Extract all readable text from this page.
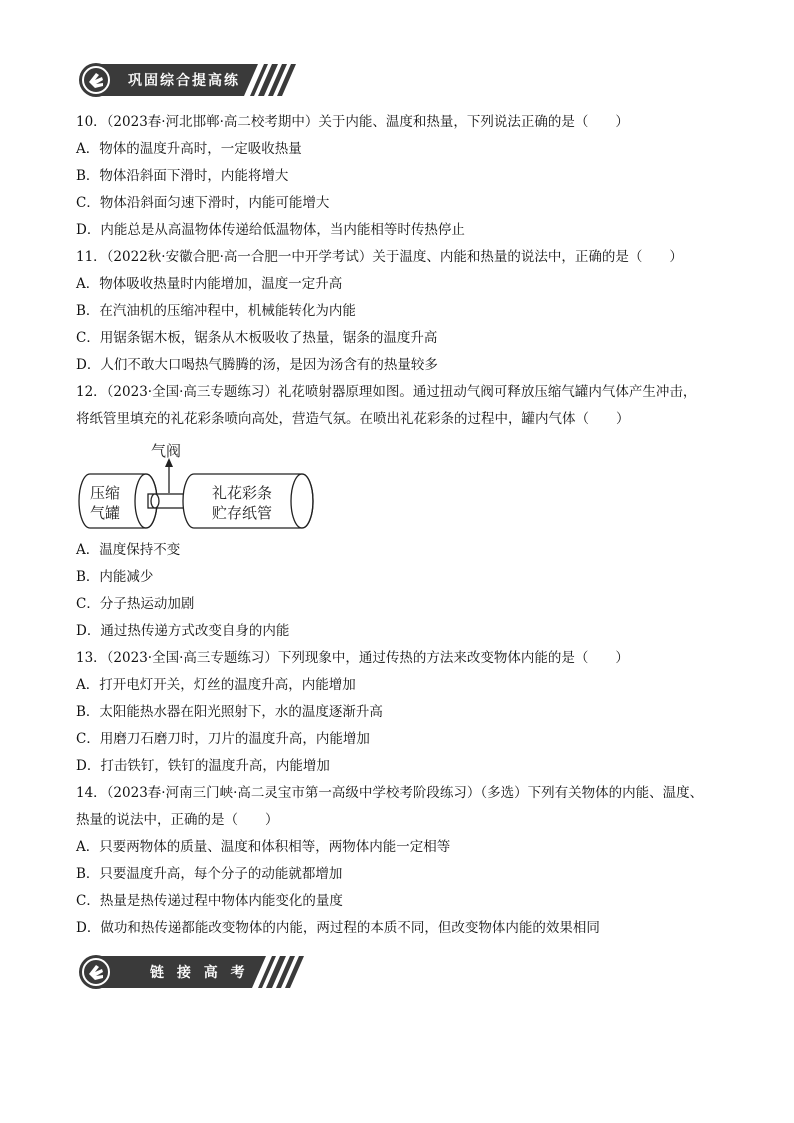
巩固综合提高练
10．（2023春·河北邯郸·高二校考期中）关于内能、温度和热量，下列说法正确的是（　　）
A．物体的温度升高时，一定吸收热量
B．物体沿斜面下滑时，内能将增大
C．物体沿斜面匀速下滑时，内能可能增大
D．内能总是从高温物体传递给低温物体，当内能相等时传热停止
11．（2022秋·安徽合肥·高一合肥一中开学考试）关于温度、内能和热量的说法中，正确的是（　　）
A．物体吸收热量时内能增加，温度一定升高
B．在汽油机的压缩冲程中，机械能转化为内能
C．用锯条锯木板，锯条从木板吸收了热量，锯条的温度升高
D．人们不敢大口喝热气腾腾的汤，是因为汤含有的热量较多
12．（2023·全国·高三专题练习）礼花喷射器原理如图。通过扭动气阀可释放压缩气罐内气体产生冲击，
将纸管里填充的礼花彩条喷向高处，营造气氛。在喷出礼花彩条的过程中，罐内气体（　　）
气阀
压缩
气罐
礼花彩条
贮存纸管
A．温度保持不变
B．内能减少
C．分子热运动加剧
D．通过热传递方式改变自身的内能
13．（2023·全国·高三专题练习）下列现象中，通过传热的方法来改变物体内能的是（　　）
A．打开电灯开关，灯丝的温度升高，内能增加
B．太阳能热水器在阳光照射下，水的温度逐渐升高
C．用磨刀石磨刀时，刀片的温度升高，内能增加
D．打击铁钉，铁钉的温度升高，内能增加
14．（2023春·河南三门峡·高二灵宝市第一高级中学校考阶段练习）（多选）下列有关物体的内能、温度、
热量的说法中，正确的是（　　）
A．只要两物体的质量、温度和体积相等，两物体内能一定相等
B．只要温度升高，每个分子的动能就都增加
C．热量是热传递过程中物体内能变化的量度
D．做功和热传递都能改变物体的内能，两过程的本质不同，但改变物体内能的效果相同
链 接 高 考
